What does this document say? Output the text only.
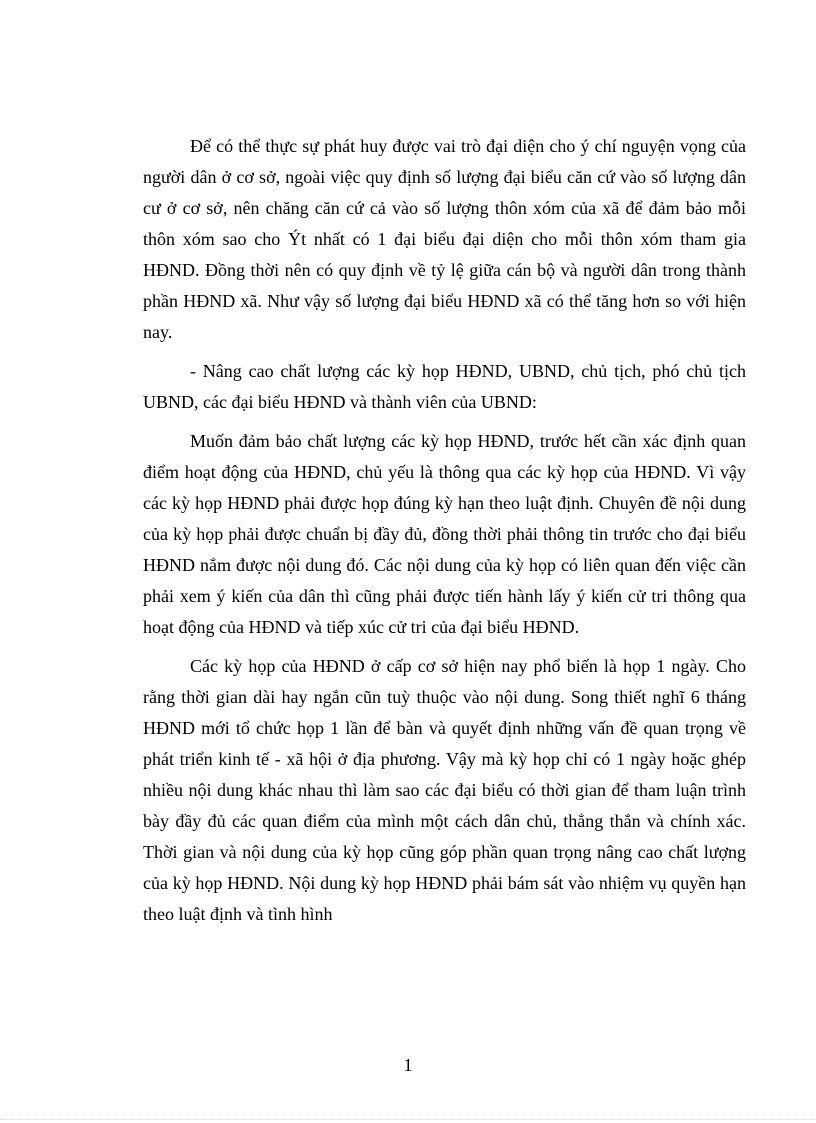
Để có thể thực sự phát huy được vai trò đại diện cho ý chí nguyện vọng của người dân ở cơ sở, ngoài việc quy định số lượng đại biểu căn cứ vào số lượng dân cư ở cơ sở, nên chăng căn cứ cả vào số lượng thôn xóm của xã để đảm bảo mỗi thôn xóm sao cho Ýt nhất có 1 đại biểu đại diện cho mỗi thôn xóm tham gia HĐND. Đồng thời nên có quy định về tỷ lệ giữa cán bộ và người dân trong thành phần HĐND xã. Như vậy số lượng đại biểu HĐND xã có thể tăng hơn so với hiện nay.

- Nâng cao chất lượng các kỳ họp HĐND, UBND, chủ tịch, phó chủ tịch UBND, các đại biểu HĐND và thành viên của UBND:

Muốn đảm bảo chất lượng các kỳ họp HĐND, trước hết cần xác định quan điểm hoạt động của HĐND, chủ yếu là thông qua các kỳ họp của HĐND. Vì vậy các kỳ họp HĐND phải được họp đúng kỳ hạn theo luật định. Chuyên đề nội dung của kỳ họp phải được chuẩn bị đầy đủ, đồng thời phải thông tin trước cho đại biểu HĐND nắm được nội dung đó. Các nội dung của kỳ họp có liên quan đến việc cần phải xem ý kiến của dân thì cũng phải được tiến hành lấy ý kiến cử tri thông qua hoạt động của HĐND và tiếp xúc cử tri của đại biểu HĐND.

Các kỳ họp của HĐND ở cấp cơ sở hiện nay phổ biến là họp 1 ngày. Cho rằng thời gian dài hay ngắn cũn tuỳ thuộc vào nội dung. Song thiết nghĩ 6 tháng HĐND mới tổ chức họp 1 lần để bàn và quyết định những vấn đề quan trọng về phát triển kinh tế - xã hội ở địa phương. Vậy mà kỳ họp chỉ có 1 ngày hoặc ghép nhiều nội dung khác nhau thì làm sao các đại biểu có thời gian để tham luận trình bày đầy đủ các quan điểm của mình một cách dân chủ, thẳng thắn và chính xác. Thời gian và nội dung của kỳ họp cũng góp phần quan trọng nâng cao chất lượng của kỳ họp HĐND. Nội dung kỳ họp HĐND phải bám sát vào nhiệm vụ quyền hạn theo luật định và tình hình

1
